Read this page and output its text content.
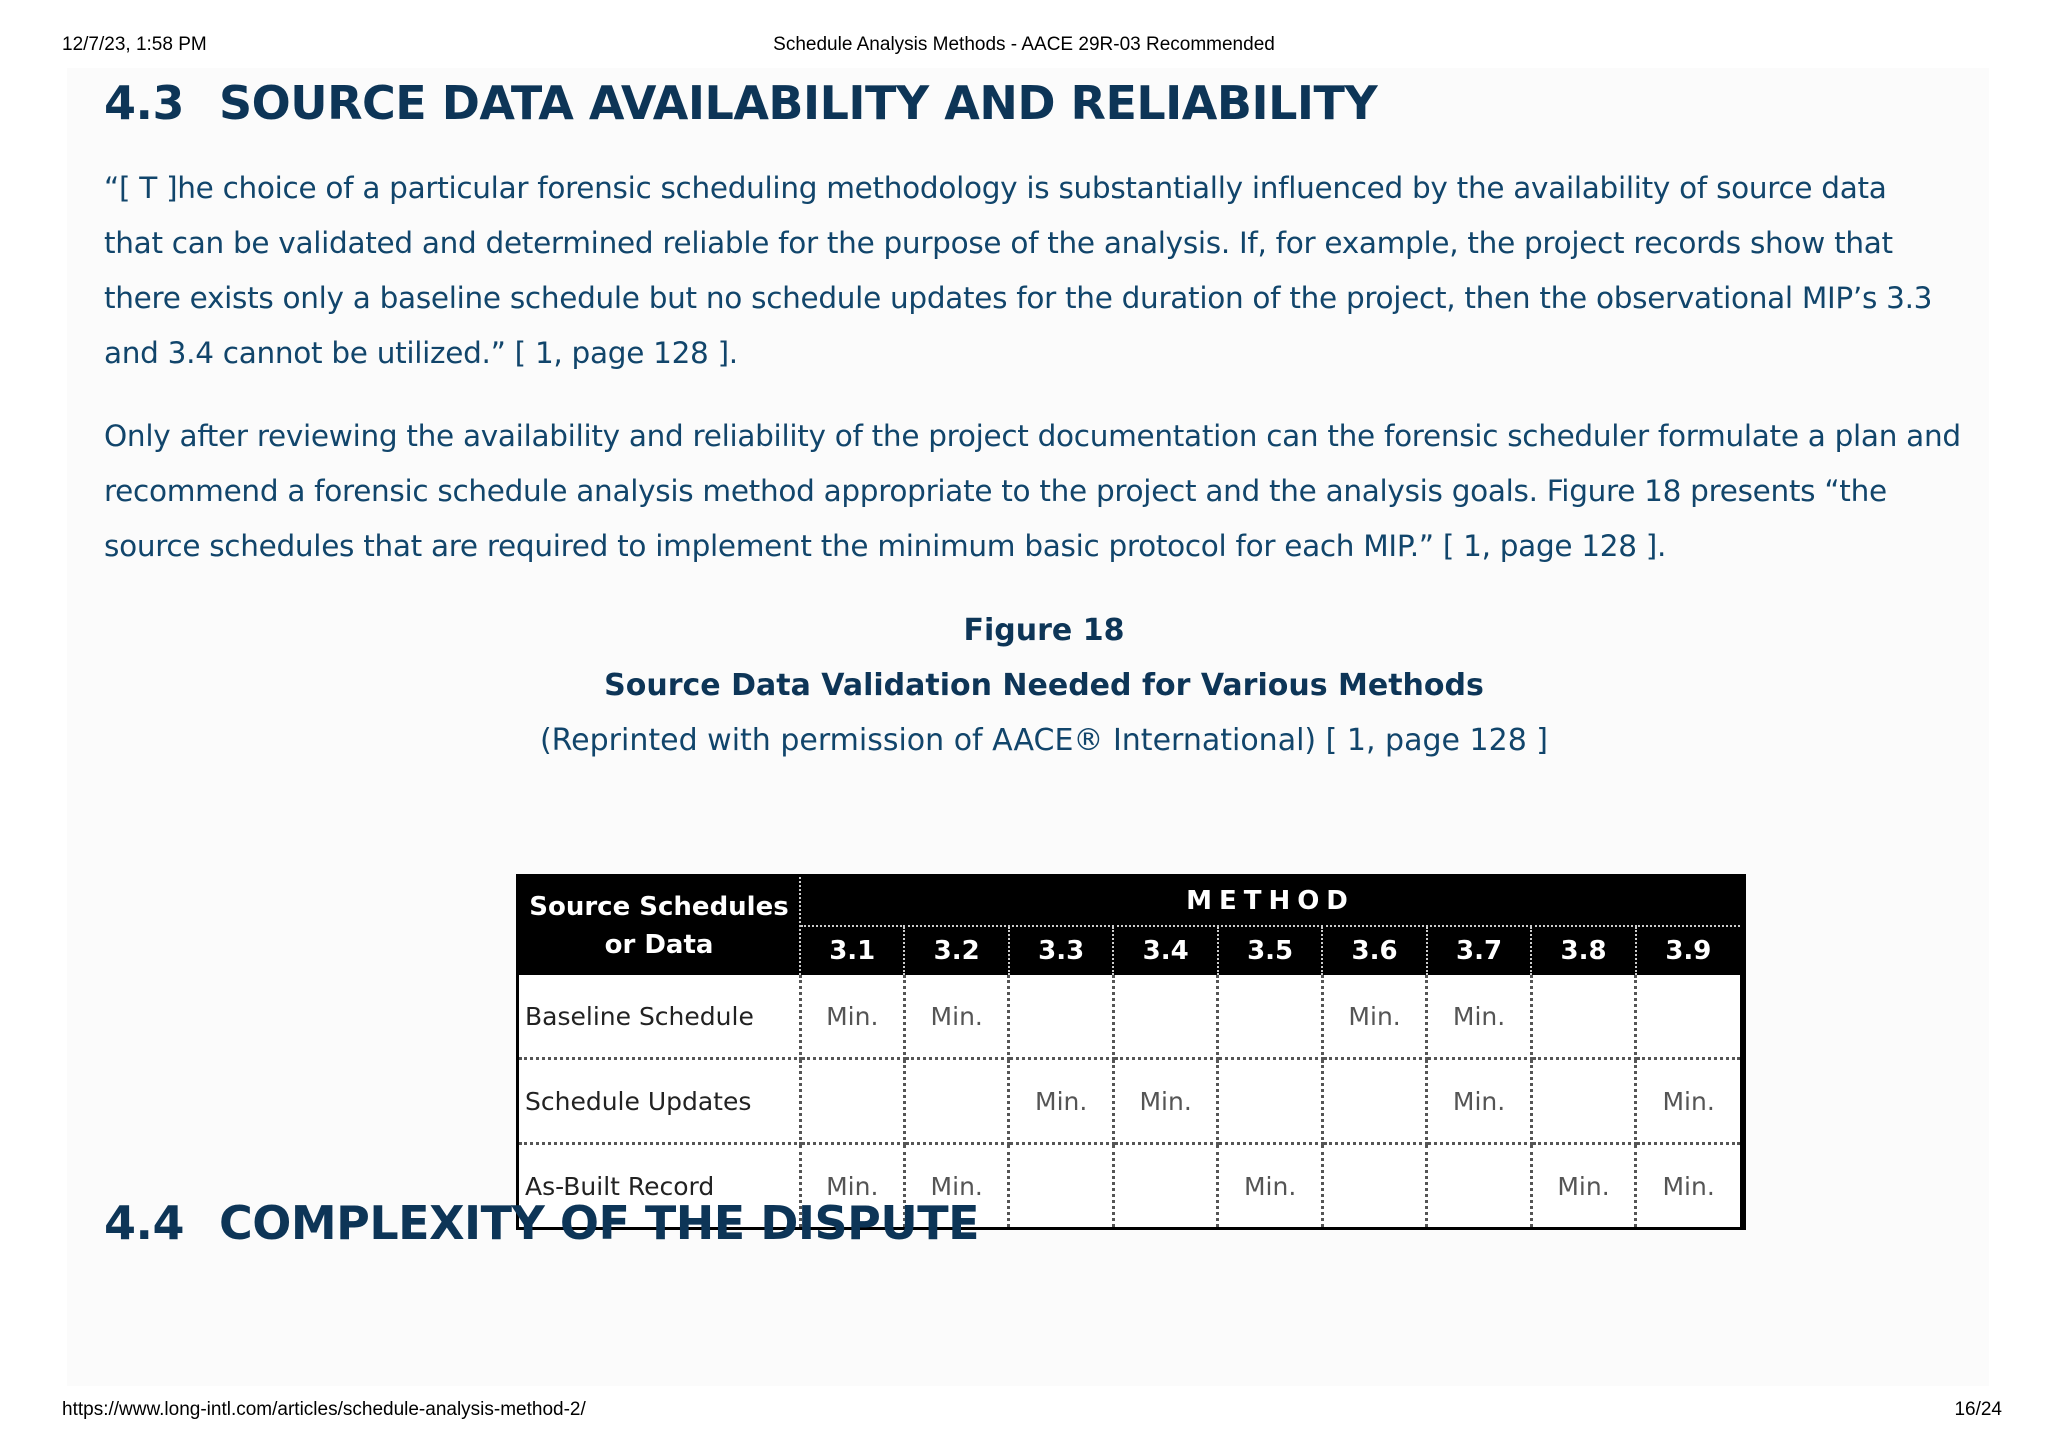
12/7/23, 1:58 PM	Schedule Analysis Methods - AACE 29R-03 Recommended
4.3 SOURCE DATA AVAILABILITY AND RELIABILITY
“[ T ]he choice of a particular forensic scheduling methodology is substantially influenced by the availability of source data
that can be validated and determined reliable for the purpose of the analysis. If, for example, the project records show that
there exists only a baseline schedule but no schedule updates for the duration of the project, then the observational MIP’s 3.3
and 3.4 cannot be utilized.” [ 1, page 128 ].
Only after reviewing the availability and reliability of the project documentation can the forensic scheduler formulate a plan and
recommend a forensic schedule analysis method appropriate to the project and the analysis goals. Figure 18 presents “the
source schedules that are required to implement the minimum basic protocol for each MIP.” [ 1, page 128 ].
Figure 18
Source Data Validation Needed for Various Methods
(Reprinted with permission of AACE® International) [ 1, page 128 ]
Source Schedules
or Data	METHOD								
	3.1	3.2	3.3	3.4	3.5	3.6	3.7	3.8	3.9
Baseline Schedule	Min.	Min.				Min.	Min.		
Schedule Updates			Min.	Min.			Min.		Min.
As-Built Record	Min.	Min.			Min.			Min.	Min.
4.4 COMPLEXITY OF THE DISPUTE
https://www.long-intl.com/articles/schedule-analysis-method-2/	16/24
